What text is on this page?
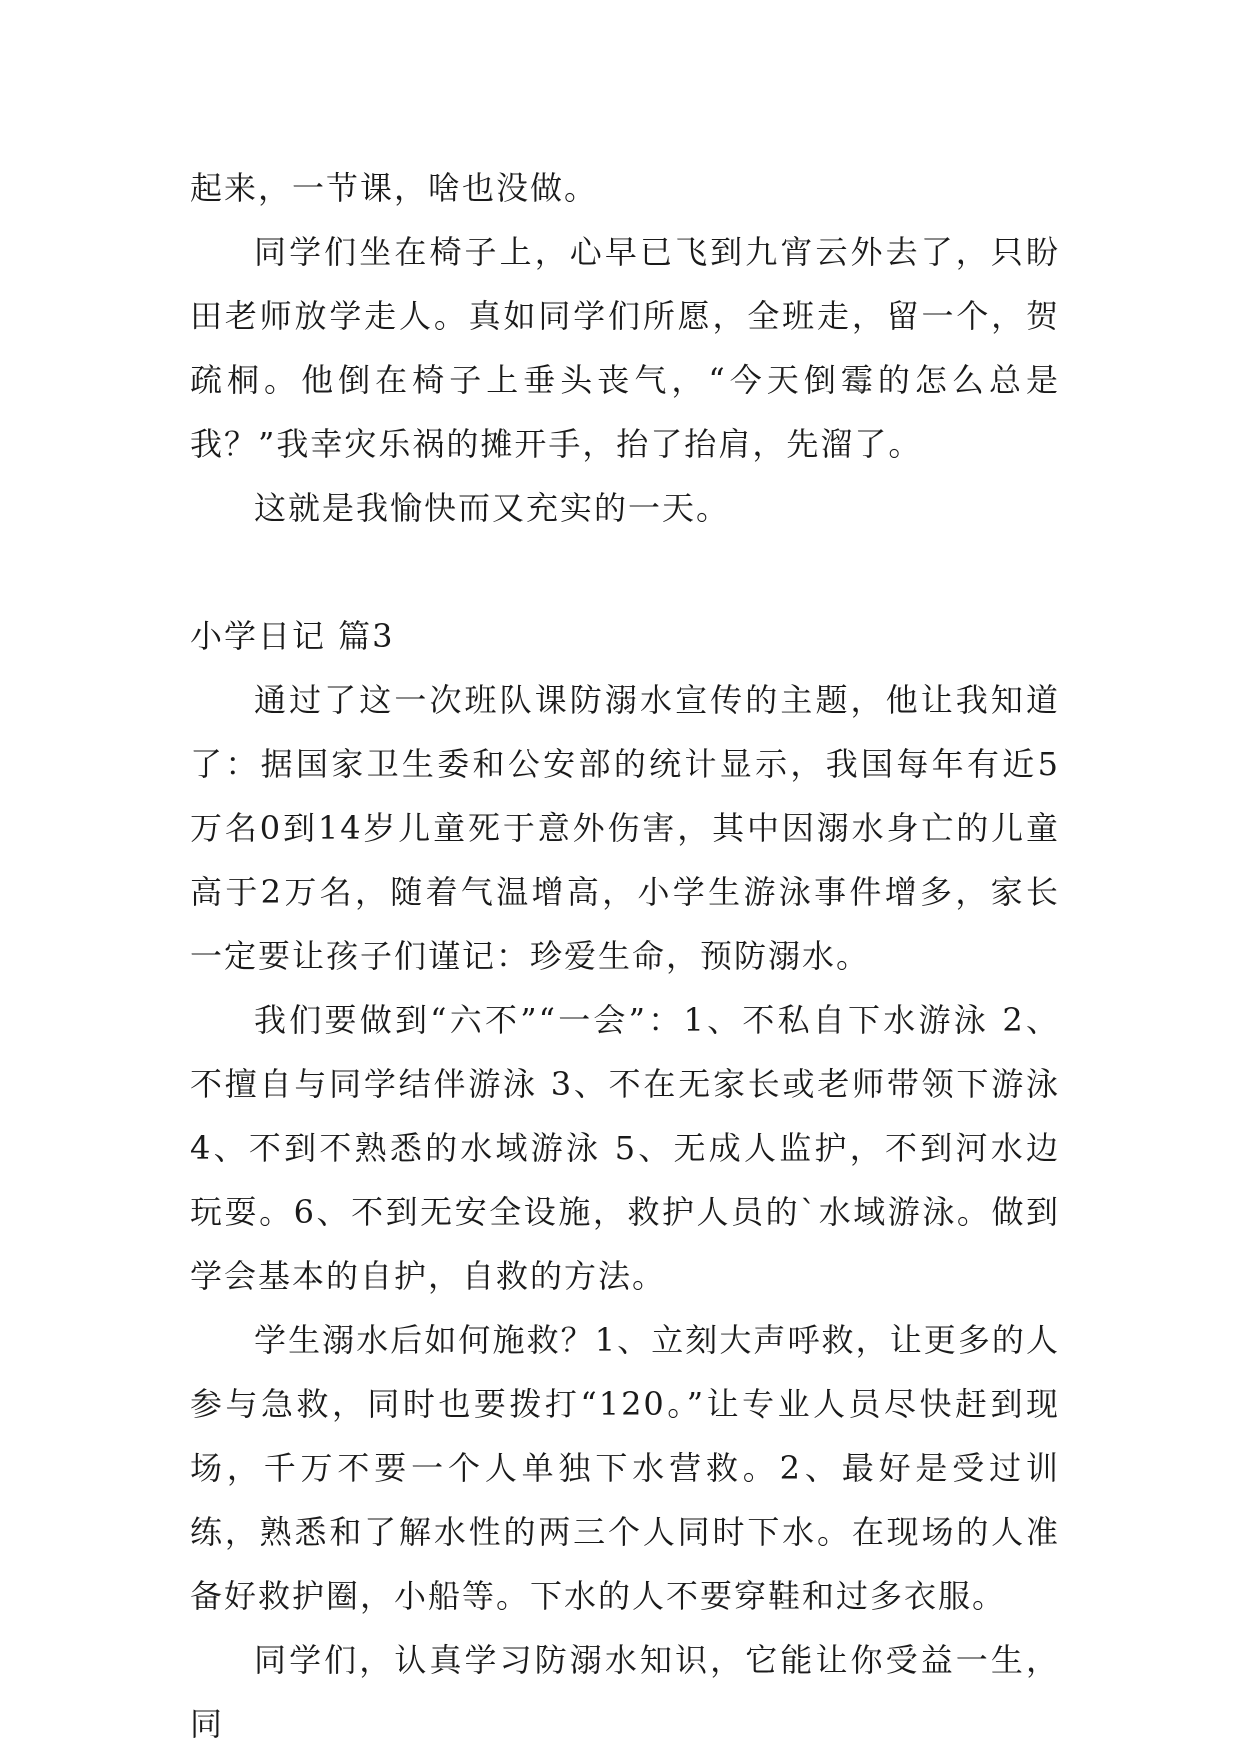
起来，一节课，啥也没做。

同学们坐在椅子上，心早已飞到九宵云外去了，只盼田老师放学走人。真如同学们所愿，全班走，留一个，贺疏桐。他倒在椅子上垂头丧气，“今天倒霉的怎么总是我？”我幸灾乐祸的摊开手，抬了抬肩，先溜了。

这就是我愉快而又充实的一天。

小学日记 篇3

通过了这一次班队课防溺水宣传的主题，他让我知道了：据国家卫生委和公安部的统计显示，我国每年有近5万名0到14岁儿童死于意外伤害，其中因溺水身亡的儿童高于2万名，随着气温增高，小学生游泳事件增多，家长一定要让孩子们谨记：珍爱生命，预防溺水。

我们要做到“六不”“一会”：1、不私自下水游泳 2、不擅自与同学结伴游泳 3、不在无家长或老师带领下游泳 4、不到不熟悉的水域游泳 5、无成人监护，不到河水边玩耍。6、不到无安全设施，救护人员的`水域游泳。做到学会基本的自护，自救的方法。

学生溺水后如何施救？1、立刻大声呼救，让更多的人参与急救，同时也要拨打“120。”让专业人员尽快赶到现场，千万不要一个人单独下水营救。2、最好是受过训练，熟悉和了解水性的两三个人同时下水。在现场的人准备好救护圈，小船等。下水的人不要穿鞋和过多衣服。

同学们，认真学习防溺水知识，它能让你受益一生，同
